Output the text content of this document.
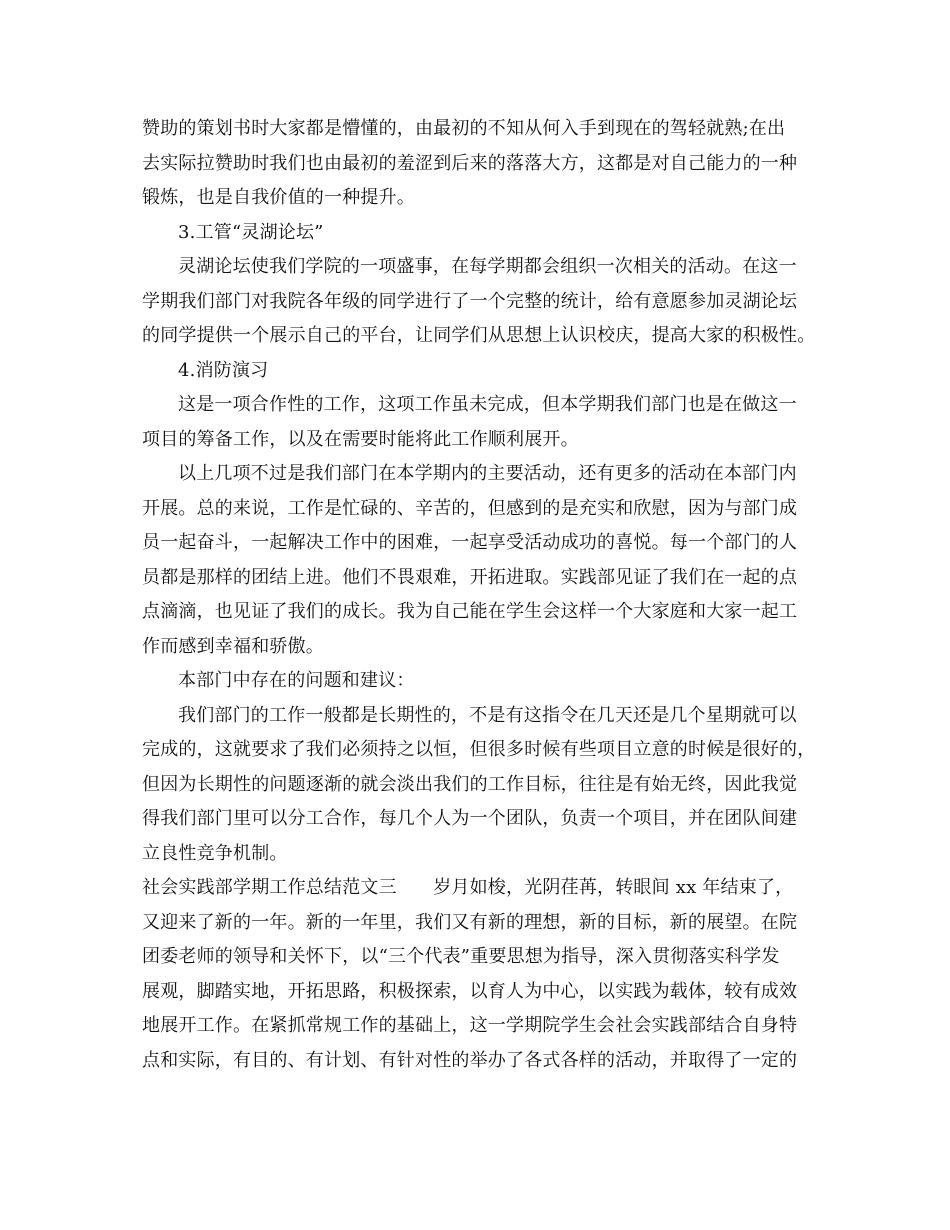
赞助的策划书时大家都是懵懂的，由最初的不知从何入手到现在的驾轻就熟;在出
去实际拉赞助时我们也由最初的羞涩到后来的落落大方，这都是对自己能力的一种
锻炼，也是自我价值的一种提升。
3.工管“灵湖论坛”
灵湖论坛使我们学院的一项盛事，在每学期都会组织一次相关的活动。在这一
学期我们部门对我院各年级的同学进行了一个完整的统计，给有意愿参加灵湖论坛
的同学提供一个展示自己的平台，让同学们从思想上认识校庆，提高大家的积极性。
4.消防演习
这是一项合作性的工作，这项工作虽未完成，但本学期我们部门也是在做这一
项目的筹备工作，以及在需要时能将此工作顺利展开。
以上几项不过是我们部门在本学期内的主要活动，还有更多的活动在本部门内
开展。总的来说，工作是忙碌的、辛苦的，但感到的是充实和欣慰，因为与部门成
员一起奋斗，一起解决工作中的困难，一起享受活动成功的喜悦。每一个部门的人
员都是那样的团结上进。他们不畏艰难，开拓进取。实践部见证了我们在一起的点
点滴滴，也见证了我们的成长。我为自己能在学生会这样一个大家庭和大家一起工
作而感到幸福和骄傲。
本部门中存在的问题和建议：
我们部门的工作一般都是长期性的，不是有这指令在几天还是几个星期就可以
完成的，这就要求了我们必须持之以恒，但很多时候有些项目立意的时候是很好的，
但因为长期性的问题逐渐的就会淡出我们的工作目标，往往是有始无终，因此我觉
得我们部门里可以分工合作，每几个人为一个团队，负责一个项目，并在团队间建
立良性竞争机制。
社会实践部学期工作总结范文三　　岁月如梭，光阴荏苒，转眼间 xx 年结束了，
又迎来了新的一年。新的一年里，我们又有新的理想，新的目标，新的展望。在院
团委老师的领导和关怀下，以“三个代表”重要思想为指导，深入贯彻落实科学发
展观，脚踏实地，开拓思路，积极探索，以育人为中心，以实践为载体，较有成效
地展开工作。在紧抓常规工作的基础上，这一学期院学生会社会实践部结合自身特
点和实际，有目的、有计划、有针对性的举办了各式各样的活动，并取得了一定的
